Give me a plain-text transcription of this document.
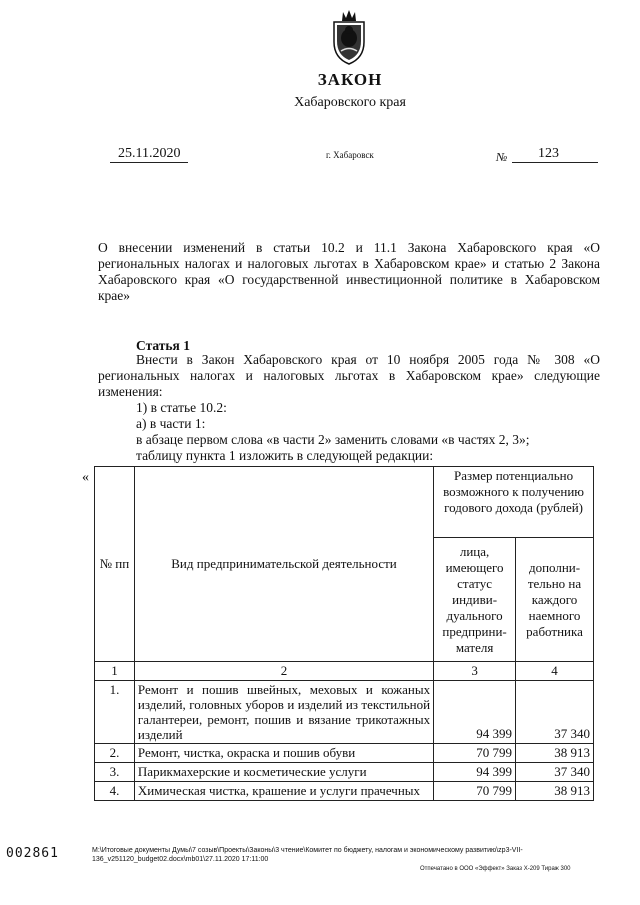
ЗАКОН
Хабаровского края
25.11.2020	г. Хабаровск	№ 123
О внесении изменений в статьи 10.2 и 11.1 Закона Хабаровского края «О региональных налогах и налоговых льготах в Хабаровском крае» и статью 2 Закона Хабаровского края «О государственной инвестиционной политике в Хабаровском крае»
Статья 1

Внести в Закон Хабаровского края от 10 ноября 2005 года № 308 «О региональных налогах и налоговых льготах в Хабаровском крае» следующие изменения:

1) в статье 10.2:

а) в части 1:

в абзаце первом слова «в части 2» заменить словами «в частях 2, 3»;

таблицу пункта 1 изложить в следующей редакции:

«
№ пп	Вид предпринимательской деятельности	Размер потенциально возможного к получению годового дохода (рублей)	
		лица, имеющего статус индиви-дуального предприни-мателя	дополни-тельно на каждого наемного работника
1	2	3	4
1.	Ремонт и пошив швейных, меховых и кожаных изделий, головных уборов и изделий из текстильной галантереи, ремонт, пошив и вязание трикотажных изделий	94 399	37 340
2.	Ремонт, чистка, окраска и пошив обуви	70 799	38 913
3.	Парикмахерские и косметические услуги	94 399	37 340
4.	Химическая чистка, крашение и услуги прачечных	70 799	38 913
002861	M:\Итоговые документы Думы\7 созыв\Проекты\Законы\3 чтение\Комитет по бюджету, налогам и экономическому развитию\zp3-VII-136_v251120_budget02.docx\mb01\27.11.2020 17:11:00
Отпечатано в ООО «Эффект» Заказ Х-209 Тираж 300
